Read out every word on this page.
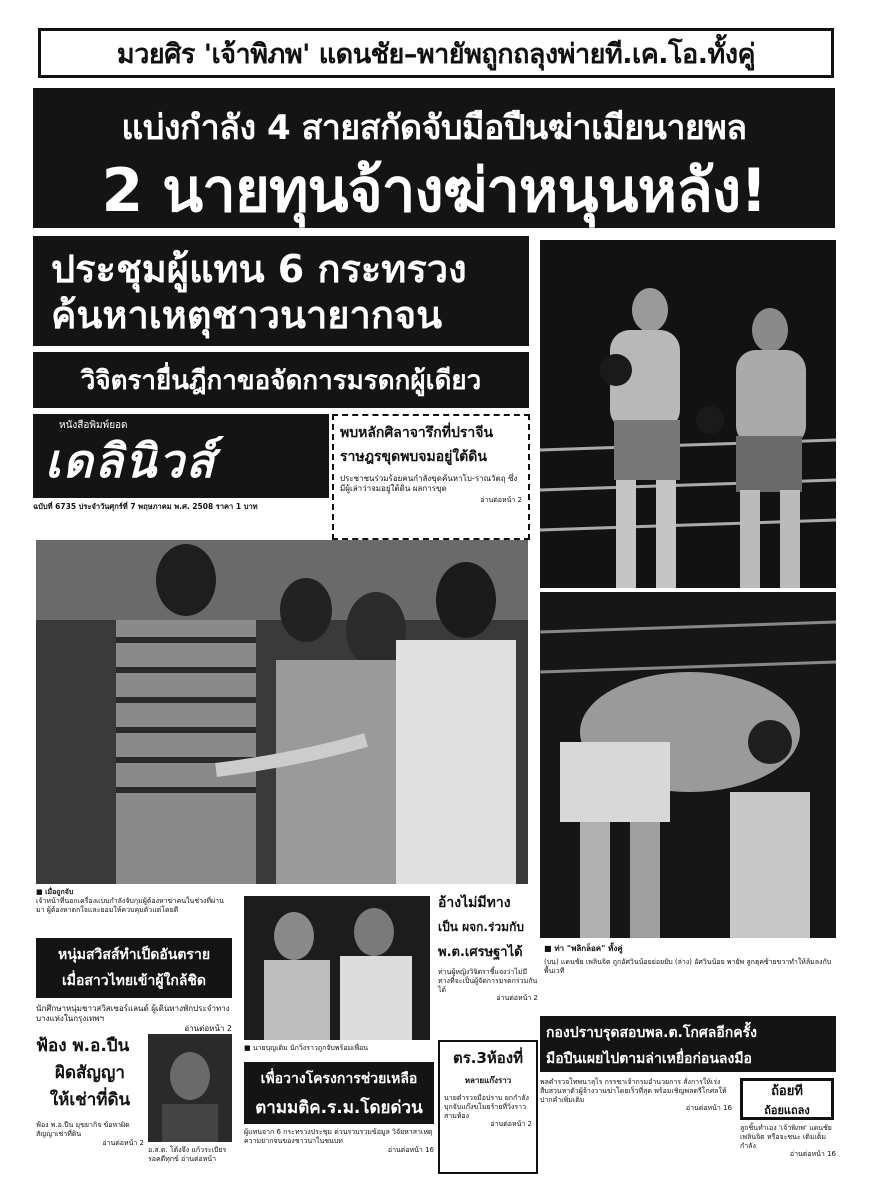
มวยศิร 'เจ้าพิภพ' แดนชัย–พายัพถูกถลุงพ่ายที.เค.โอ.ทั้งคู่
แบ่งกำลัง 4 สายสกัดจับมือปืนฆ่าเมียนายพล
2 นายทุนจ้างฆ่าหนุนหลัง!
ประชุมผู้แทน 6 กระทรวง
ค้นหาเหตุชาวนายากจน
วิจิตรายื่นฎีกาขอจัดการมรดกผู้เดียว
หนังสือพิมพ์ยอด
เดลินิวส์
ฉบับที่ 6735 ประจำวันศุกร์ที่ 7 พฤษภาคม พ.ศ. 2508 ราคา 1 บาท
พบหลักศิลาจารึกที่ปราจีน
ราษฎรขุดพบจมอยู่ใต้ดิน
ประชาชนร่วมร้อยคนกำลังขุดค้นหาโบ-ราณวัตถุ ซึ่งมีผู้เล่าว่าจมอยู่ใต้ดิน ผลการขุด
อ่านต่อหน้า 2
■ เมื่อถูกจับ
เจ้าหน้าที่นอกเครื่องแบบกำลังจับกุมผู้ต้องหาฆ่าคนในช่วงที่ผ่านมา ผู้ต้องหาตกใจและยอมให้ควบคุมตัวแต่โดยดี
หนุ่มสวิสส์ทำเป็ดอันตราย
เมื่อสาวไทยเข้าผู้ใกล้ชิด
นักศึกษาหนุ่มชาวสวิสเซอร์แลนด์ ผู้เดินทางพักประจำทางบางแห่งในกรุงเทพฯ
อ่านต่อหน้า 2
ฟ้อง พ.อ.ปืน
ผิดสัญญา
ให้เช่าที่ดิน
ฟ้อง พ.อ.ปืน มุขยากิจ ข้อหาผิดสัญญาเช่าที่ดิน
อ่านต่อหน้า 2
อ.ส.ต. โต้งจึง แก้วระเบียร รอคดีทุกข์ อ่านต่อหน้า
■ นายบุญเติม นักวิ่งราวถูกจับพร้อมเพื่อน
เพื่อวางโครงการช่วยเหลือ
ตามมติค.ร.ม.โดยด่วน
ผู้แทนจาก 6 กระทรวงประชุม ด่วนรวบรวมข้อมูล วิจัยหาสาเหตุความยากจนของชาวนาในชนบท
อ่านต่อหน้า 16
อ้างไม่มีทาง
เป็น ผจก.ร่วมกับ
พ.ต.เศรษฐาได้
ท่านผู้หญิงวิจิตราชี้แจงว่าไม่มีทางที่จะเป็นผู้จัดการมรดกร่วมกันได้
อ่านต่อหน้า 2
ตร.3ห้องที่
หลายแก๊งราว
นายตำรวจมือปราบ ยกกำลังบุกจับแก๊งขโมยร้ายที่วิ่งราวสามห้อง
อ่านต่อหน้า 2
■ ท่า "พลิกล็อค" ทั้งคู่
(บน) แดนชัย เพลินจิต ถูกอัศวินน้อยย่อยยับ (ล่าง) อัศวินน้อย พายัพ ลูกฮุคซ้ายขวาทำให้ล้มลงกับพื้นเวที
กองปราบรุดสอบพล.ต.โกศลอีกครั้ง
มือปืนเผยไปตามล่าเหยื่อก่อนลงมือ
พลตำรวจโทพนาลุไร กรรชาเจ้ากรมอำนวยการ สั่งการให้เร่งสืบสวนหาตัวผู้จ้างวานฆ่าโดยเร็วที่สุด พร้อมเชิญพลตรีโกศลให้ปากคำเพิ่มเติม
อ่านต่อหน้า 16
ถ้อยที
ถ้อยแถลง
ลูกชิ้นทำเอง 'เจ้าพิภพ' แดนชัยเพลินจิต หรือจะชนะ เติมเต็มกำลัง
อ่านต่อหน้า 16
